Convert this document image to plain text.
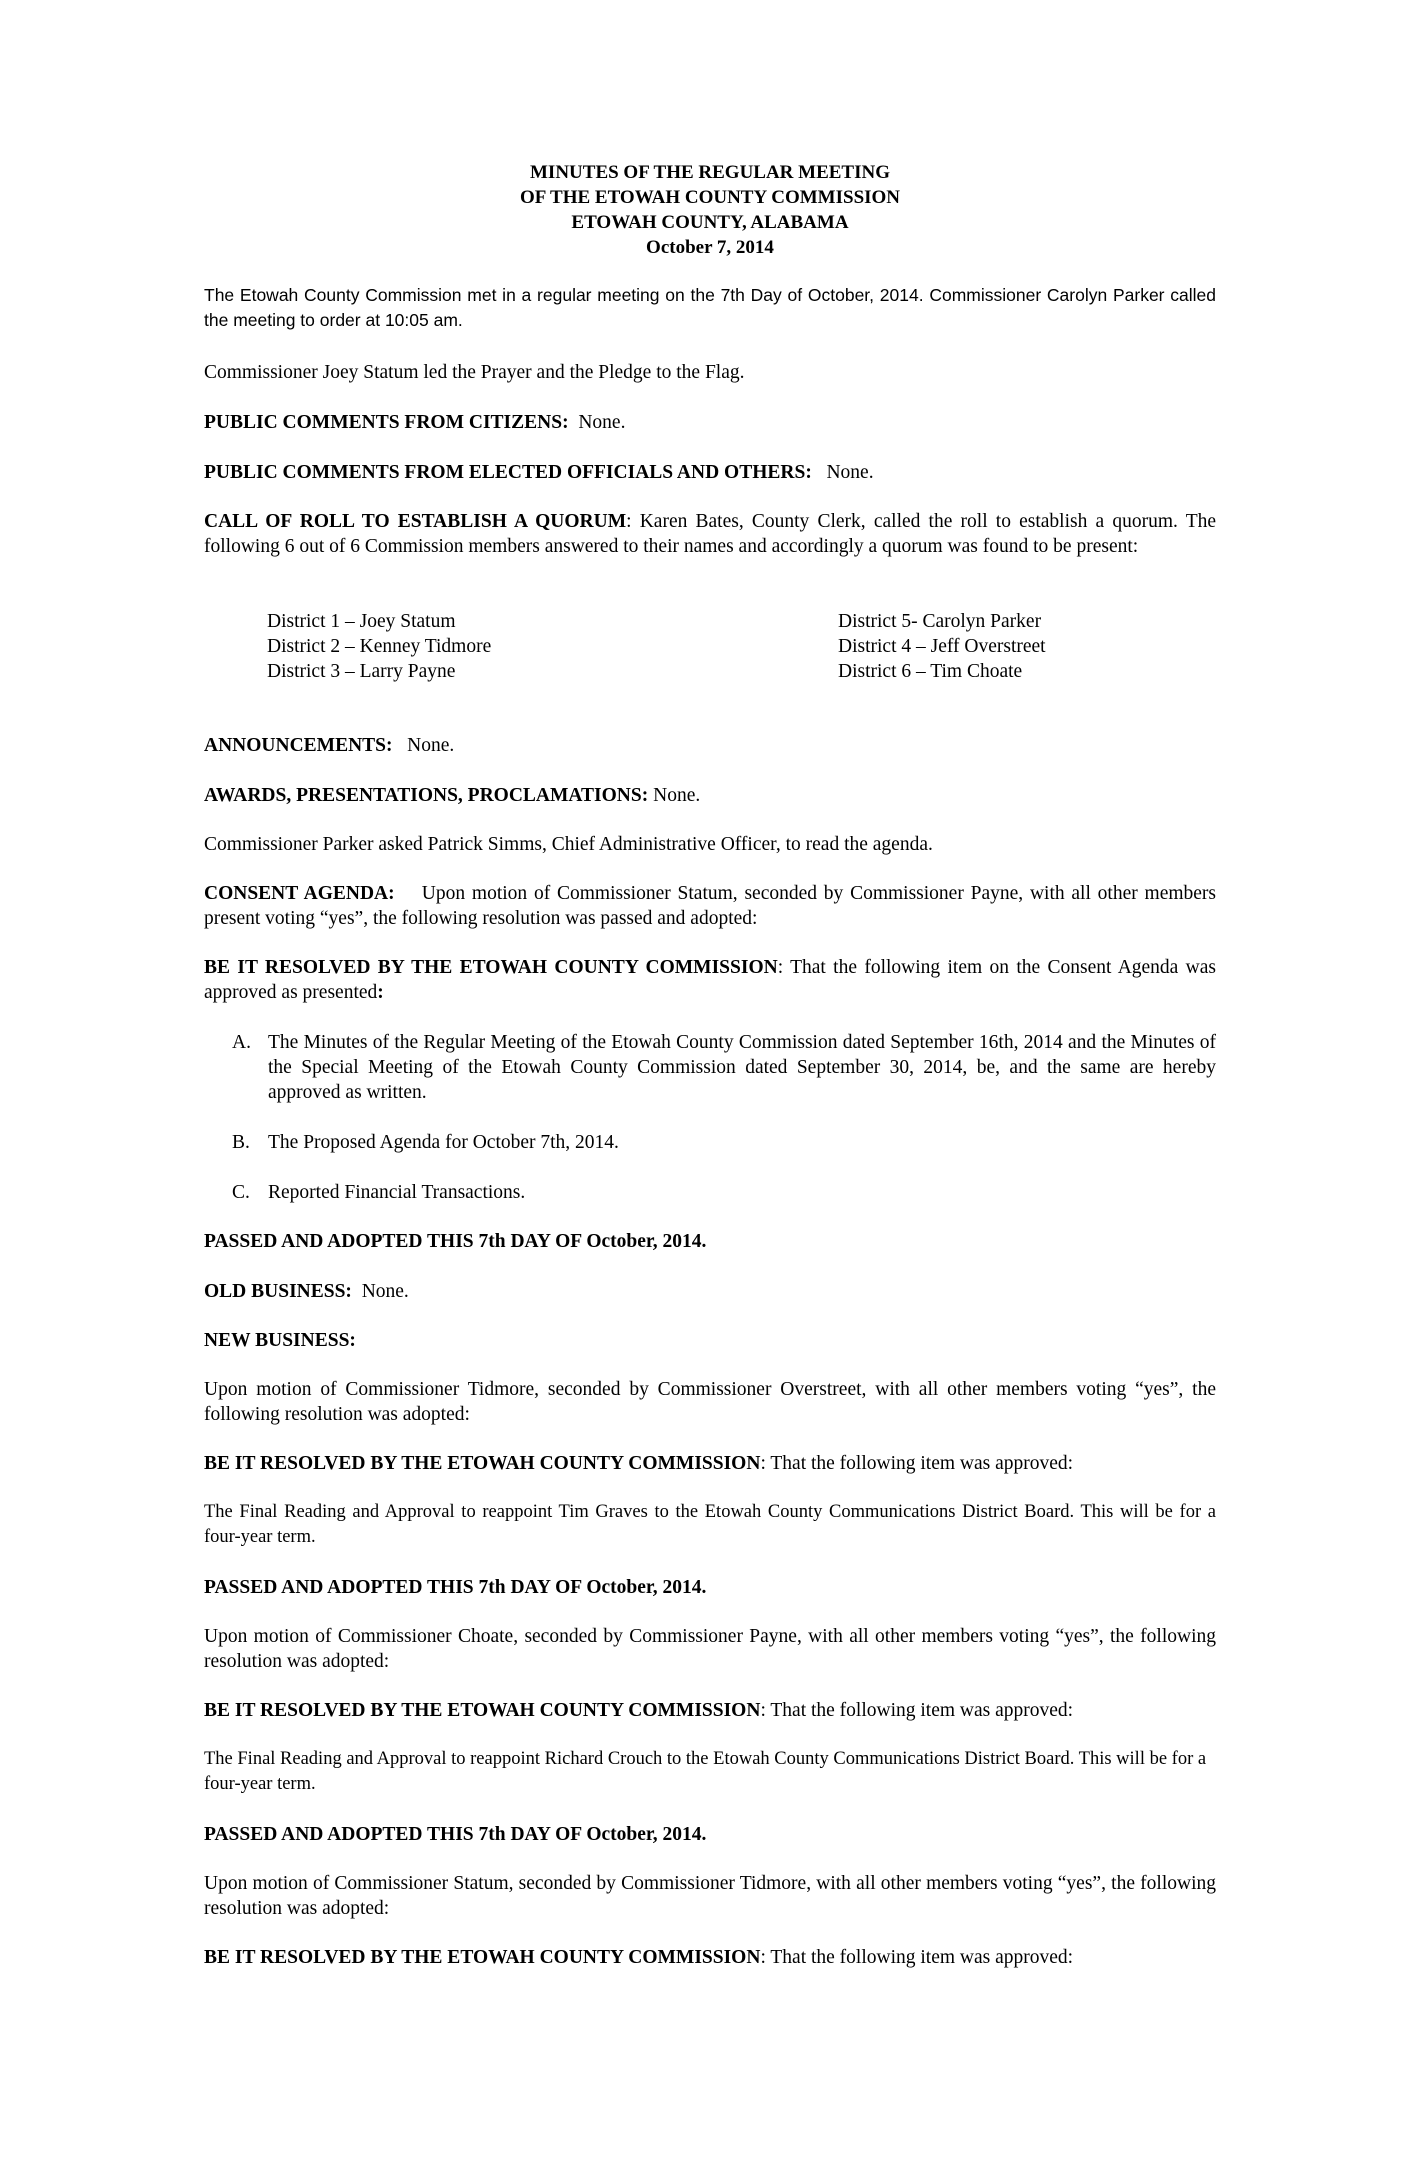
MINUTES OF THE REGULAR MEETING
OF THE ETOWAH COUNTY COMMISSION
ETOWAH COUNTY, ALABAMA
October 7, 2014

The Etowah County Commission met in a regular meeting on the 7th Day of October, 2014. Commissioner Carolyn Parker called the meeting to order at 10:05 am.

Commissioner Joey Statum led the Prayer and the Pledge to the Flag.

PUBLIC COMMENTS FROM CITIZENS: None.

PUBLIC COMMENTS FROM ELECTED OFFICIALS AND OTHERS: None.

CALL OF ROLL TO ESTABLISH A QUORUM: Karen Bates, County Clerk, called the roll to establish a quorum. The following 6 out of 6 Commission members answered to their names and accordingly a quorum was found to be present:

District 1 – Joey Statum
District 2 – Kenney Tidmore
District 3 – Larry Payne
District 5- Carolyn Parker
District 4 – Jeff Overstreet
District 6 – Tim Choate

ANNOUNCEMENTS: None.

AWARDS, PRESENTATIONS, PROCLAMATIONS: None.

Commissioner Parker asked Patrick Simms, Chief Administrative Officer, to read the agenda.

CONSENT AGENDA: Upon motion of Commissioner Statum, seconded by Commissioner Payne, with all other members present voting “yes”, the following resolution was passed and adopted:

BE IT RESOLVED BY THE ETOWAH COUNTY COMMISSION: That the following item on the Consent Agenda was approved as presented:

A. The Minutes of the Regular Meeting of the Etowah County Commission dated September 16th, 2014 and the Minutes of the Special Meeting of the Etowah County Commission dated September 30, 2014, be, and the same are hereby approved as written.
B. The Proposed Agenda for October 7th, 2014.
C. Reported Financial Transactions.

PASSED AND ADOPTED THIS 7th DAY OF October, 2014.

OLD BUSINESS: None.

NEW BUSINESS:

Upon motion of Commissioner Tidmore, seconded by Commissioner Overstreet, with all other members voting “yes”, the following resolution was adopted:

BE IT RESOLVED BY THE ETOWAH COUNTY COMMISSION: That the following item was approved:

The Final Reading and Approval to reappoint Tim Graves to the Etowah County Communications District Board. This will be for a four-year term.

PASSED AND ADOPTED THIS 7th DAY OF October, 2014.

Upon motion of Commissioner Choate, seconded by Commissioner Payne, with all other members voting “yes”, the following resolution was adopted:

BE IT RESOLVED BY THE ETOWAH COUNTY COMMISSION: That the following item was approved:

The Final Reading and Approval to reappoint Richard Crouch to the Etowah County Communications District Board. This will be for a four-year term.

PASSED AND ADOPTED THIS 7th DAY OF October, 2014.

Upon motion of Commissioner Statum, seconded by Commissioner Tidmore, with all other members voting “yes”, the following resolution was adopted:

BE IT RESOLVED BY THE ETOWAH COUNTY COMMISSION: That the following item was approved:
